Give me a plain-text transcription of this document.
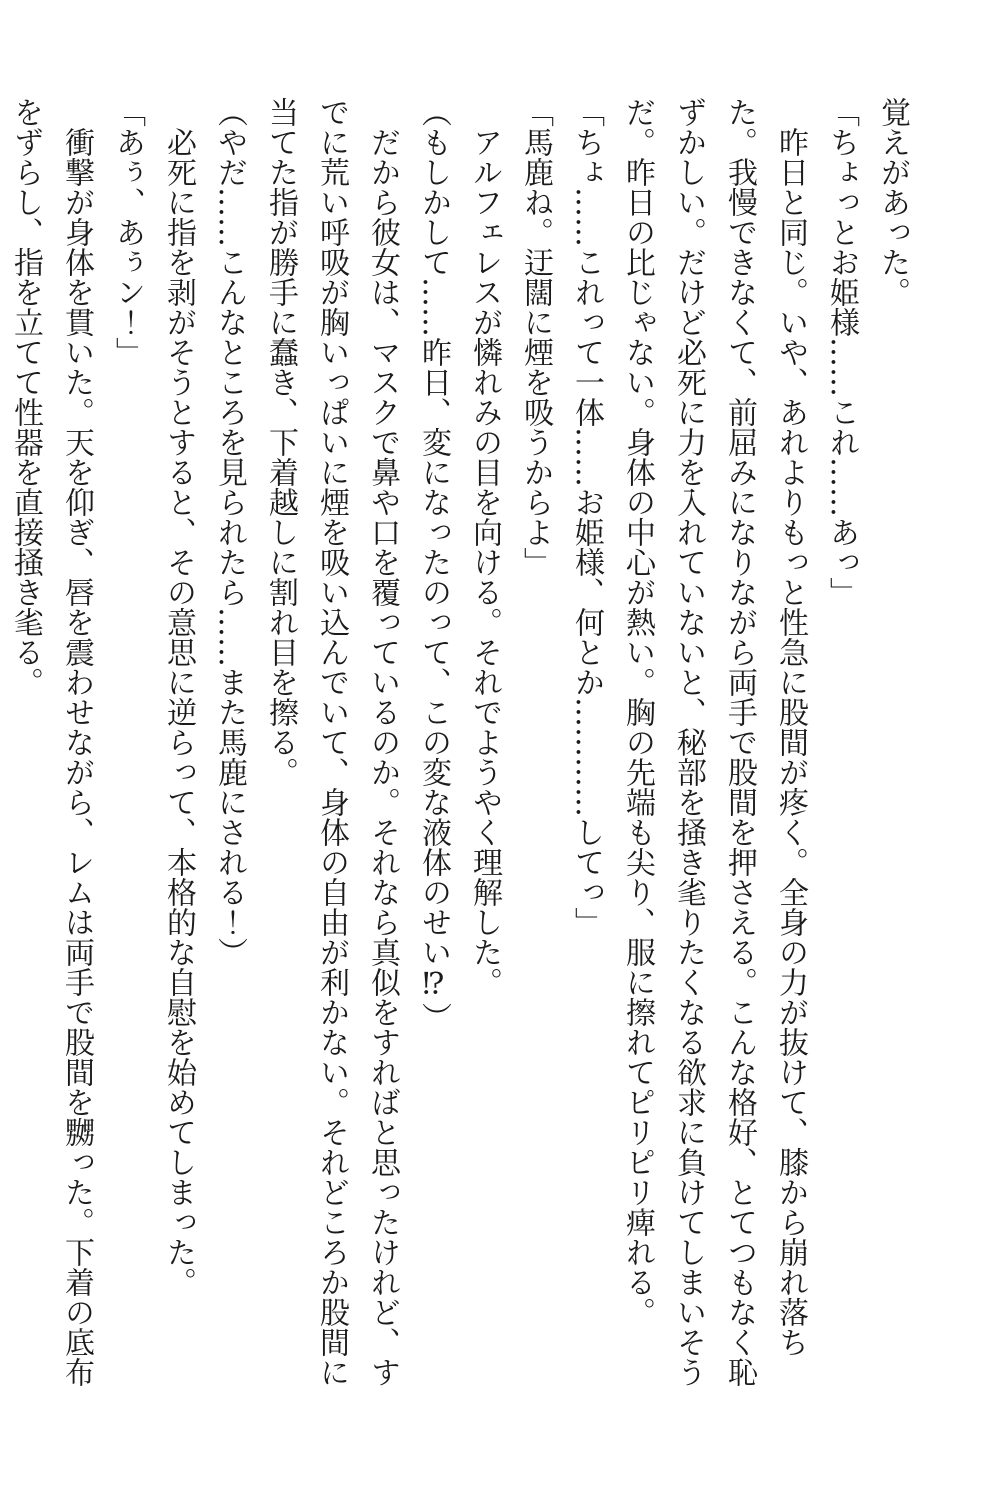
覚えがあった。

「ちょっとお姫様……これ……あっ」

昨日と同じ。いや、あれよりもっと性急に股間が疼く。全身の力が抜けて、膝から崩れ落ちた。我慢できなくて、前屈みになりながら両手で股間を押さえる。こんな格好、とてつもなく恥ずかしい。だけど必死に力を入れていないと、秘部を掻き毟りたくなる欲求に負けてしまいそうだ。昨日の比じゃない。身体の中心が熱い。胸の先端も尖り、服に擦れてピリピリ痺れる。

「ちょ……これって一体……お姫様、何とか…………してっ」

「馬鹿ね。迂闊に煙を吸うからよ」

アルフェレスが憐れみの目を向ける。それでようやく理解した。

（もしかして……昨日、変になったのって、この変な液体のせい⁉）

だから彼女は、マスクで鼻や口を覆っているのか。それなら真似をすればと思ったけれど、すでに荒い呼吸が胸いっぱいに煙を吸い込んでいて、身体の自由が利かない。それどころか股間に当てた指が勝手に蠢き、下着越しに割れ目を擦る。

（やだ……こんなところを見られたら……また馬鹿にされる！）

必死に指を剥がそうとすると、その意思に逆らって、本格的な自慰を始めてしまった。

「あぅ、あぅン！」

衝撃が身体を貫いた。天を仰ぎ、唇を震わせながら、レムは両手で股間を嬲った。下着の底布をずらし、指を立てて性器を直接掻き毟る。
